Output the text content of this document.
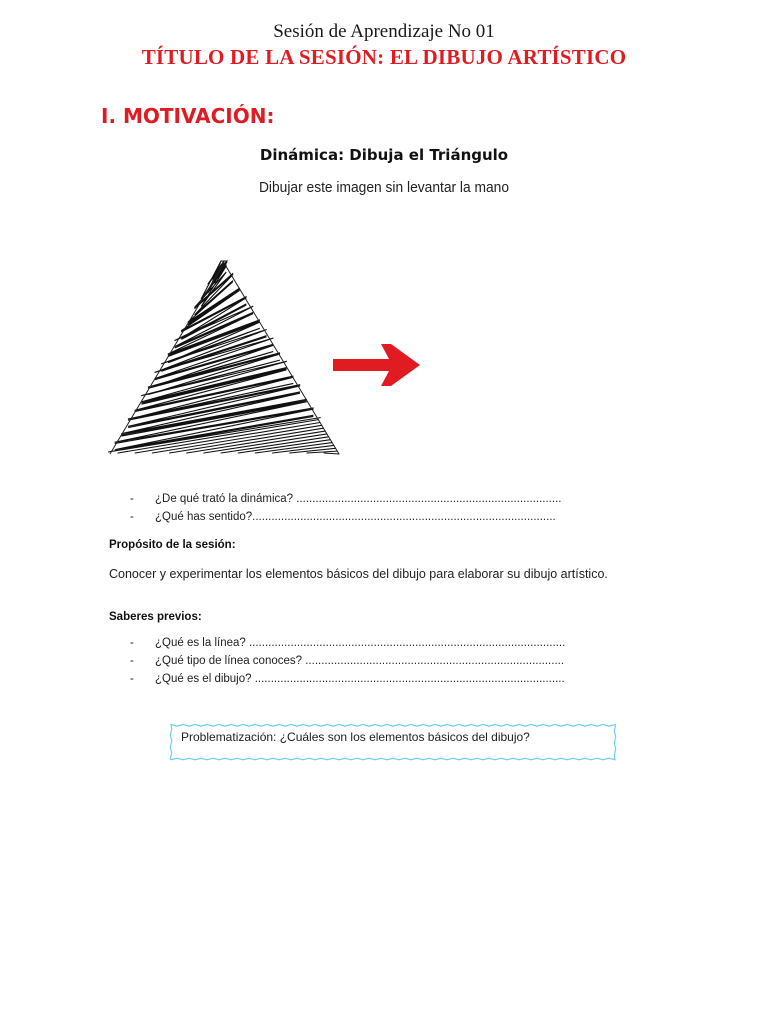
Sesión de Aprendizaje No 01
TÍTULO DE LA SESIÓN: EL DIBUJO ARTÍSTICO
I. MOTIVACIÓN:
Dinámica: Dibuja el Triángulo
Dibujar este imagen sin levantar la mano
- ¿De qué trató la dinámica? ...................................................................................
- ¿Qué has sentido?...............................................................................................
Propósito de la sesión:
Conocer y experimentar los elementos básicos del dibujo para elaborar su dibujo artístico.
Saberes previos:
- ¿Qué es la línea? ...................................................................................................
- ¿Qué tipo de línea conoces? .................................................................................
- ¿Qué es el dibujo? .................................................................................................
Problematización: ¿Cuáles son los elementos básicos del dibujo?
